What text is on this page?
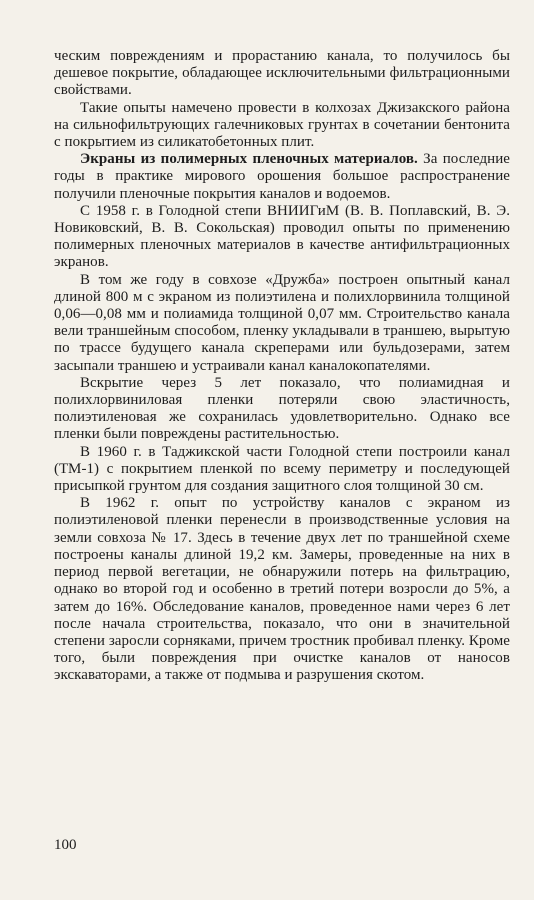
ческим повреждениям и прорастанию канала, то получилось бы дешевое покрытие, обладающее исключительными фильтрационными свойствами.

Такие опыты намечено провести в колхозах Джизакского района на сильнофильтрующих галечниковых грунтах в сочетании бентонита с покрытием из силикатобетонных плит.

Экраны из полимерных пленочных материалов. За последние годы в практике мирового орошения большое распространение получили пленочные покрытия каналов и водоемов.

С 1958 г. в Голодной степи ВНИИГиМ (В. В. Поплавский, В. Э. Новиковский, В. В. Сокольская) проводил опыты по применению полимерных пленочных материалов в качестве антифильтрационных экранов.

В том же году в совхозе «Дружба» построен опытный канал длиной 800 м с экраном из полиэтилена и полихлорвинила толщиной 0,06—0,08 мм и полиамида толщиной 0,07 мм. Строительство канала вели траншейным способом, пленку укладывали в траншею, вырытую по трассе будущего канала скреперами или бульдозерами, затем засыпали траншею и устраивали канал каналокопателями.

Вскрытие через 5 лет показало, что полиамидная и полихлорвиниловая пленки потеряли свою эластичность, полиэтиленовая же сохранилась удовлетворительно. Однако все пленки были повреждены растительностью.

В 1960 г. в Таджикской части Голодной степи построили канал (ТМ-1) с покрытием пленкой по всему периметру и последующей присыпкой грунтом для создания защитного слоя толщиной 30 см.

В 1962 г. опыт по устройству каналов с экраном из полиэтиленовой пленки перенесли в производственные условия на земли совхоза № 17. Здесь в течение двух лет по траншейной схеме построены каналы длиной 19,2 км. Замеры, проведенные на них в период первой вегетации, не обнаружили потерь на фильтрацию, однако во второй год и особенно в третий потери возросли до 5%, а затем до 16%. Обследование каналов, проведенное нами через 6 лет после начала строительства, показало, что они в значительной степени заросли сорняками, причем тростник пробивал пленку. Кроме того, были повреждения при очистке каналов от наносов экскаваторами, а также от подмыва и разрушения скотом.

100
